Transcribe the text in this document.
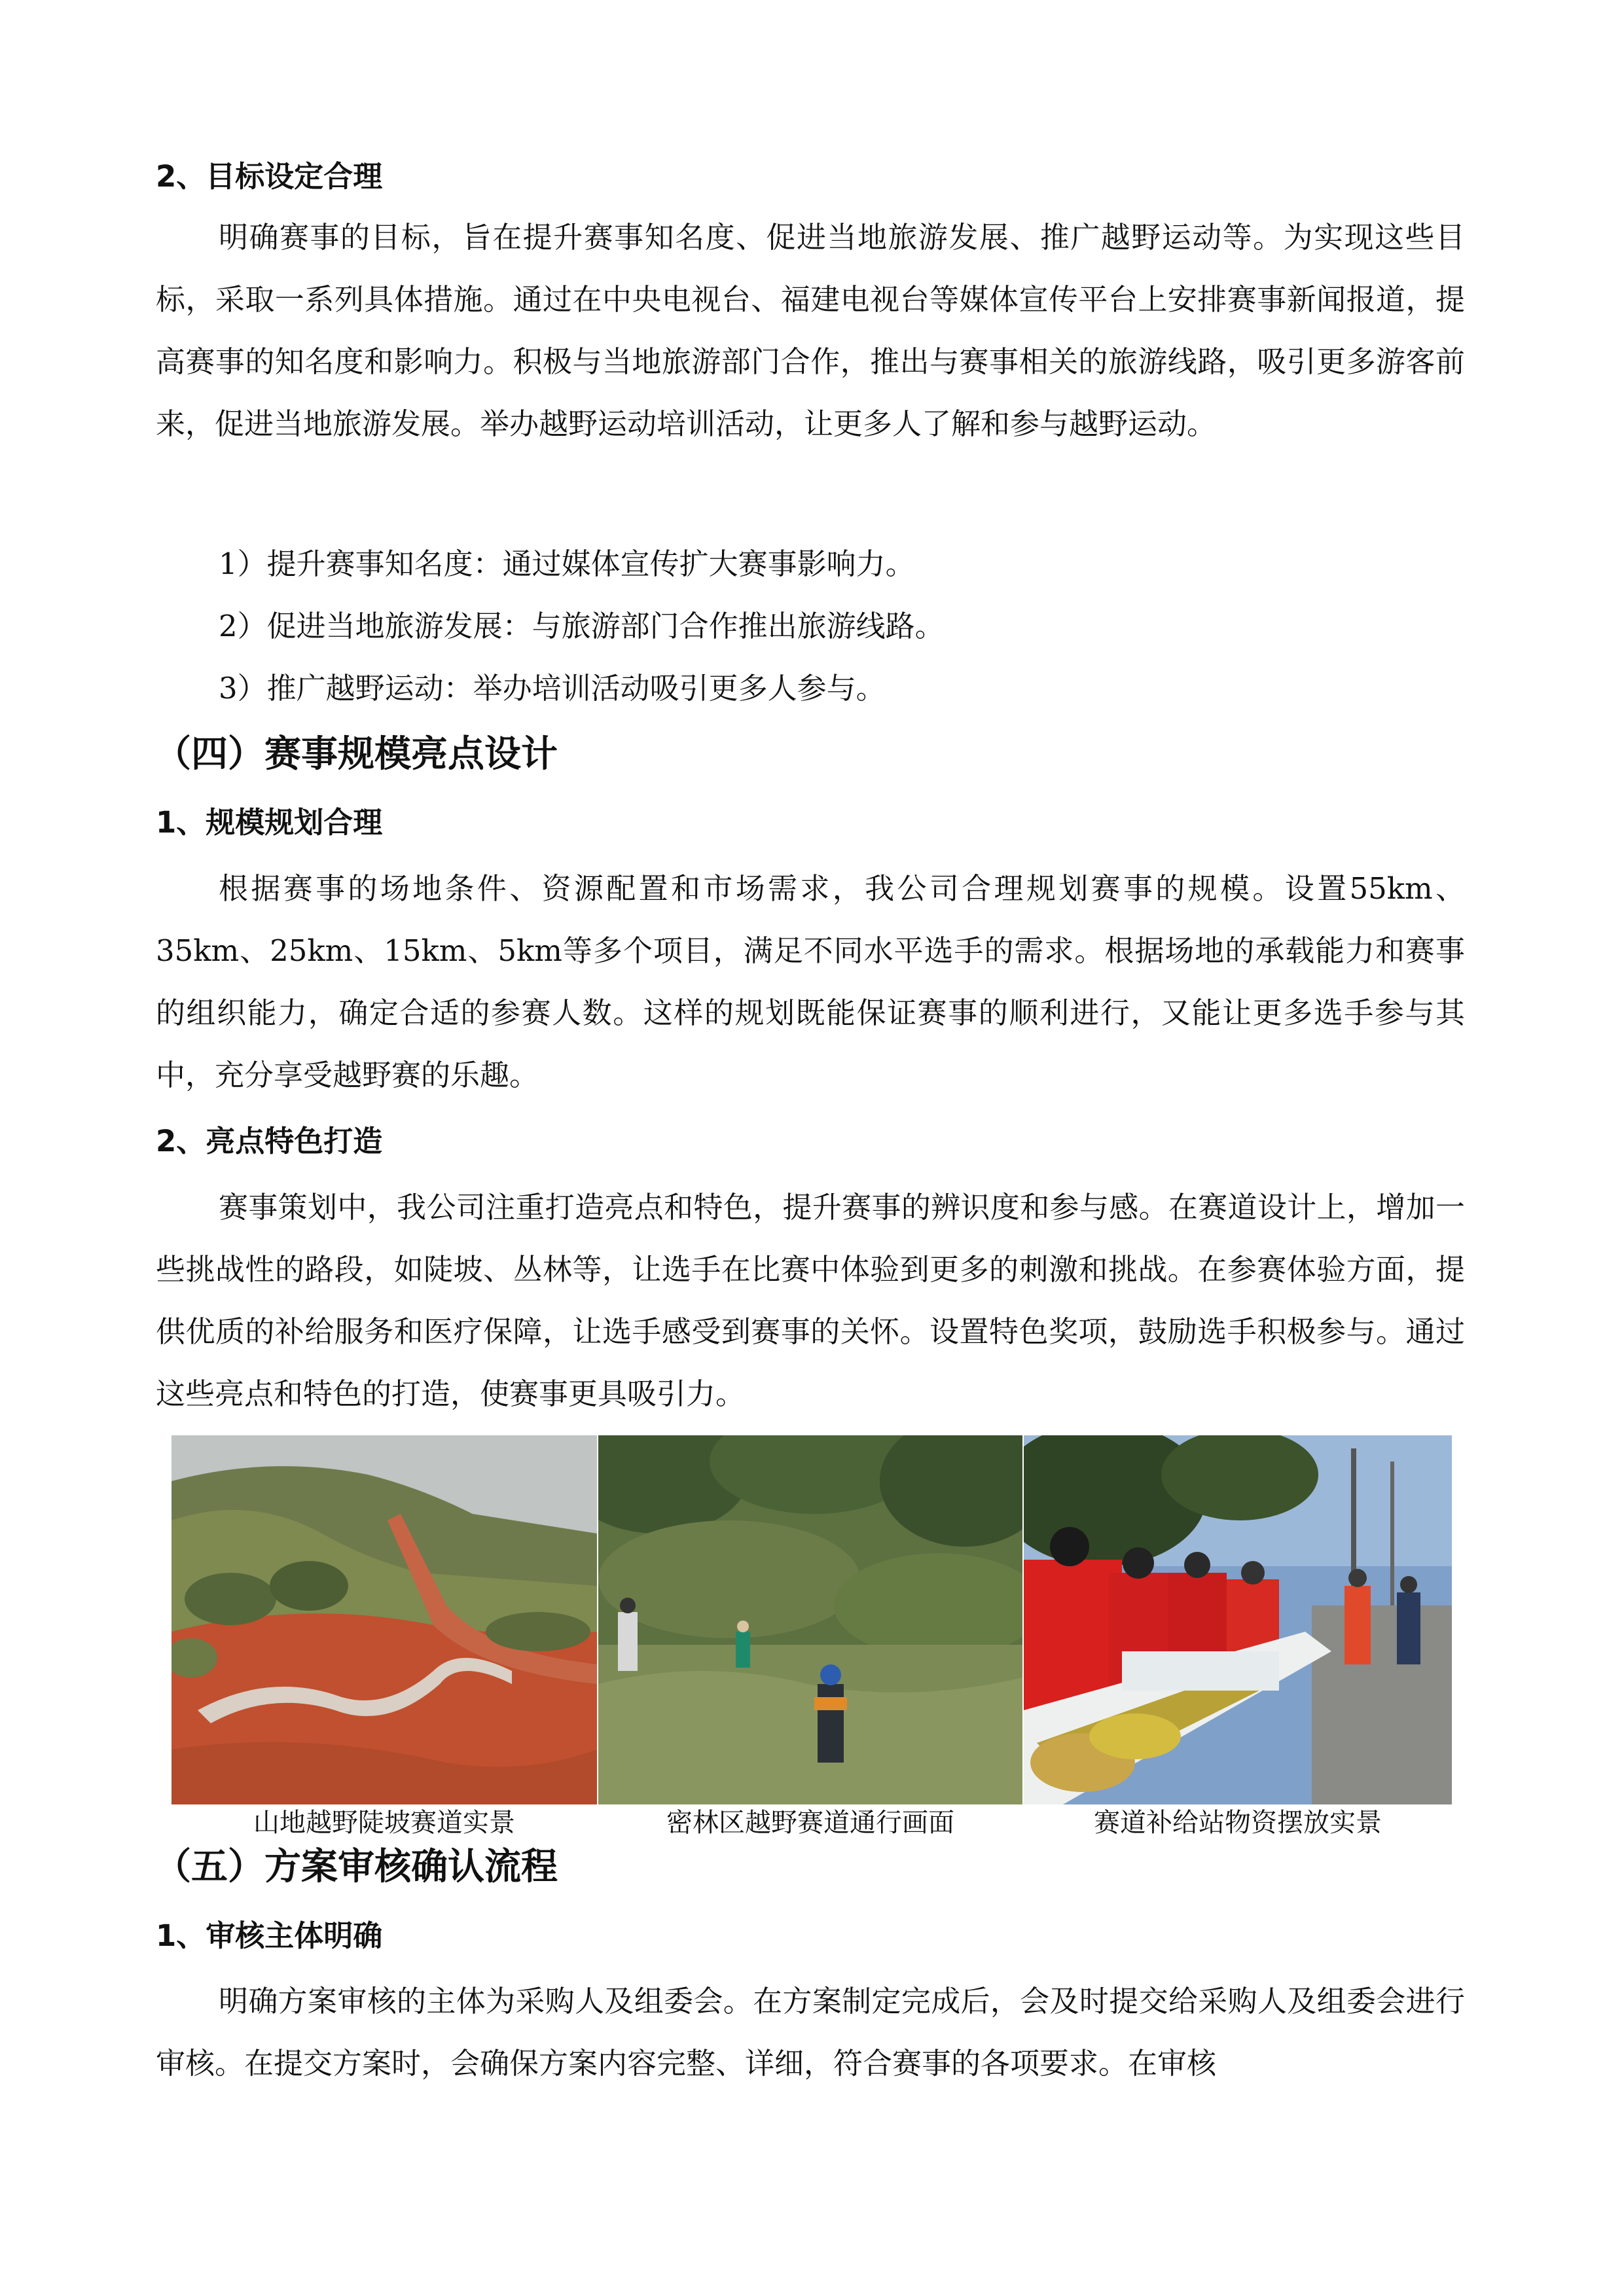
2、目标设定合理
明确赛事的目标，旨在提升赛事知名度、促进当地旅游发展、推广越野运动等。为实现这些目标，采取一系列具体措施。通过在中央电视台、福建电视台等媒体宣传平台上安排赛事新闻报道，提高赛事的知名度和影响力。积极与当地旅游部门合作，推出与赛事相关的旅游线路，吸引更多游客前来，促进当地旅游发展。举办越野运动培训活动，让更多人了解和参与越野运动。
1）提升赛事知名度：通过媒体宣传扩大赛事影响力。
2）促进当地旅游发展：与旅游部门合作推出旅游线路。
3）推广越野运动：举办培训活动吸引更多人参与。
（四）赛事规模亮点设计
1、规模规划合理
根据赛事的场地条件、资源配置和市场需求，我公司合理规划赛事的规模。设置55km、35km、25km、15km、5km等多个项目，满足不同水平选手的需求。根据场地的承载能力和赛事的组织能力，确定合适的参赛人数。这样的规划既能保证赛事的顺利进行，又能让更多选手参与其中，充分享受越野赛的乐趣。
2、亮点特色打造
赛事策划中，我公司注重打造亮点和特色，提升赛事的辨识度和参与感。在赛道设计上，增加一些挑战性的路段，如陡坡、丛林等，让选手在比赛中体验到更多的刺激和挑战。在参赛体验方面，提供优质的补给服务和医疗保障，让选手感受到赛事的关怀。设置特色奖项，鼓励选手积极参与。通过这些亮点和特色的打造，使赛事更具吸引力。
山地越野陡坡赛道实景	密林区越野赛道通行画面	赛道补给站物资摆放实景
（五）方案审核确认流程
1、审核主体明确
明确方案审核的主体为采购人及组委会。在方案制定完成后，会及时提交给采购人及组委会进行审核。在提交方案时，会确保方案内容完整、详细，符合赛事的各项要求。在审核
